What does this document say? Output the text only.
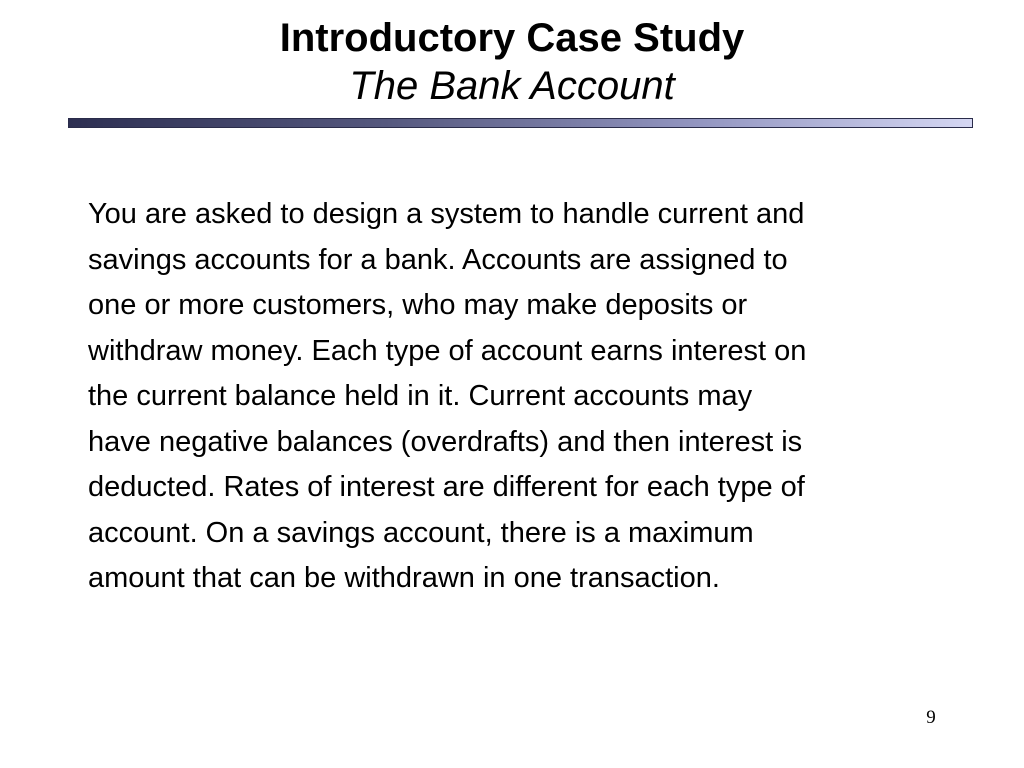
Introductory Case Study

The Bank Account

You are asked to design a system to handle current and
savings accounts for a bank. Accounts are assigned to
one or more customers, who may make deposits or
withdraw money. Each type of account earns interest on
the current balance held in it. Current accounts may
have negative balances (overdrafts) and then interest is
deducted. Rates of interest are different for each type of
account. On a savings account, there is a maximum
amount that can be withdrawn in one transaction.
9
